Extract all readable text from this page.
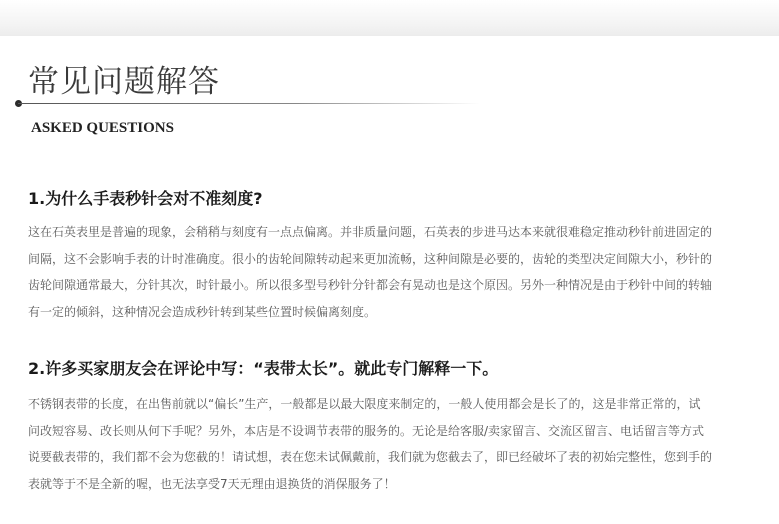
常见问题解答
ASKED QUESTIONS
1.为什么手表秒针会对不准刻度?

这在石英表里是普遍的现象，会稍稍与刻度有一点点偏离。并非质量问题，石英表的步进马达本来就很难稳定推动秒针前进固定的
间隔，这不会影响手表的计时准确度。很小的齿轮间隙转动起来更加流畅，这种间隙是必要的，齿轮的类型决定间隙大小，秒针的
齿轮间隙通常最大，分针其次，时针最小。所以很多型号秒针分针都会有晃动也是这个原因。另外一种情况是由于秒针中间的转轴
有一定的倾斜，这种情况会造成秒针转到某些位置时候偏离刻度。

2.许多买家朋友会在评论中写：“表带太长”。就此专门解释一下。

不锈钢表带的长度，在出售前就以“偏长”生产，一般都是以最大限度来制定的，一般人使用都会是长了的，这是非常正常的，试
问改短容易、改长则从何下手呢？另外，本店是不设调节表带的服务的。无论是给客服/卖家留言、交流区留言、电话留言等方式
说要截表带的，我们都不会为您截的！请试想，表在您未试佩戴前，我们就为您截去了，即已经破坏了表的初始完整性，您到手的
表就等于不是全新的喔，也无法享受7天无理由退换货的消保服务了！
